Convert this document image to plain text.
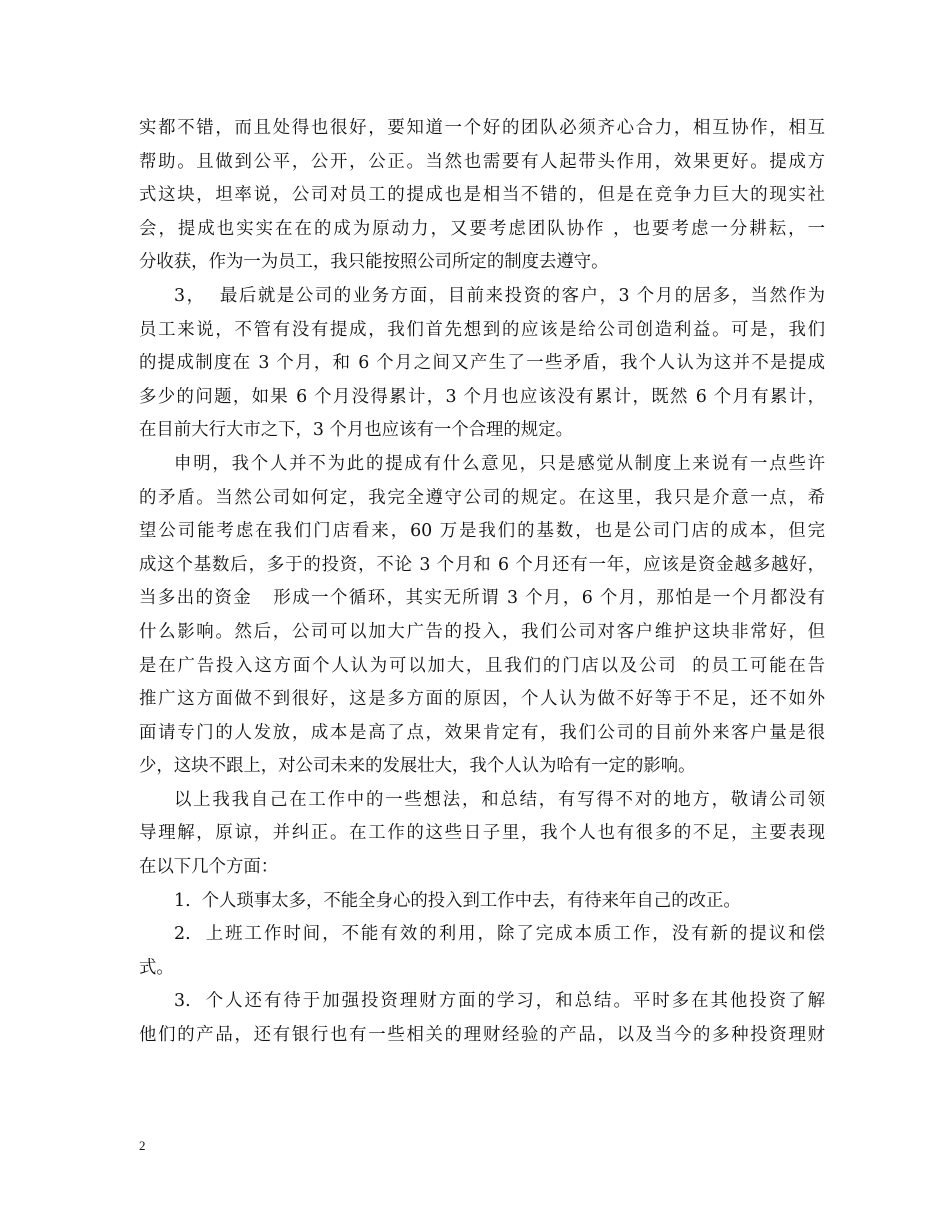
实都不错，而且处得也很好，要知道一个好的团队必须齐心合力，相互协作，相互
帮助。且做到公平，公开，公正。当然也需要有人起带头作用，效果更好。提成方
式这块，坦率说，公司对员工的提成也是相当不错的，但是在竞争力巨大的现实社
会，提成也实实在在的成为原动力，又要考虑团队协作 ，也要考虑一分耕耘，一
分收获，作为一为员工，我只能按照公司所定的制度去遵守。
3，  最后就是公司的业务方面，目前来投资的客户，3 个月的居多，当然作为
员工来说，不管有没有提成，我们首先想到的应该是给公司创造利益。可是，我们
的提成制度在 3 个月，和 6 个月之间又产生了一些矛盾，我个人认为这并不是提成
多少的问题，如果 6 个月没得累计，3 个月也应该没有累计，既然 6 个月有累计，
在目前大行大市之下，3 个月也应该有一个合理的规定。
申明，我个人并不为此的提成有什么意见，只是感觉从制度上来说有一点些许
的矛盾。当然公司如何定，我完全遵守公司的规定。在这里，我只是介意一点，希
望公司能考虑在我们门店看来，60 万是我们的基数，也是公司门店的成本，但完
成这个基数后，多于的投资，不论 3 个月和 6 个月还有一年，应该是资金越多越好，
当多出的资金   形成一个循环，其实无所谓 3 个月，6 个月，那怕是一个月都没有
什么影响。然后，公司可以加大广告的投入，我们公司对客户维护这块非常好，但
是在广告投入这方面个人认为可以加大，且我们的门店以及公司  的员工可能在告
推广这方面做不到很好，这是多方面的原因，个人认为做不好等于不足，还不如外
面请专门的人发放，成本是高了点，效果肯定有，我们公司的目前外来客户量是很
少，这块不跟上，对公司未来的发展壮大，我个人认为哈有一定的影响。
以上我我自己在工作中的一些想法，和总结，有写得不对的地方，敬请公司领
导理解，原谅，并纠正。在工作的这些日子里，我个人也有很多的不足，主要表现
在以下几个方面：
1.  个人琐事太多，不能全身心的投入到工作中去，有待来年自己的改正。
2.  上班工作时间，不能有效的利用，除了完成本质工作，没有新的提议和偿
式。
3.  个人还有待于加强投资理财方面的学习，和总结。平时多在其他投资了解
他们的产品，还有银行也有一些相关的理财经验的产品，以及当今的多种投资理财
2
